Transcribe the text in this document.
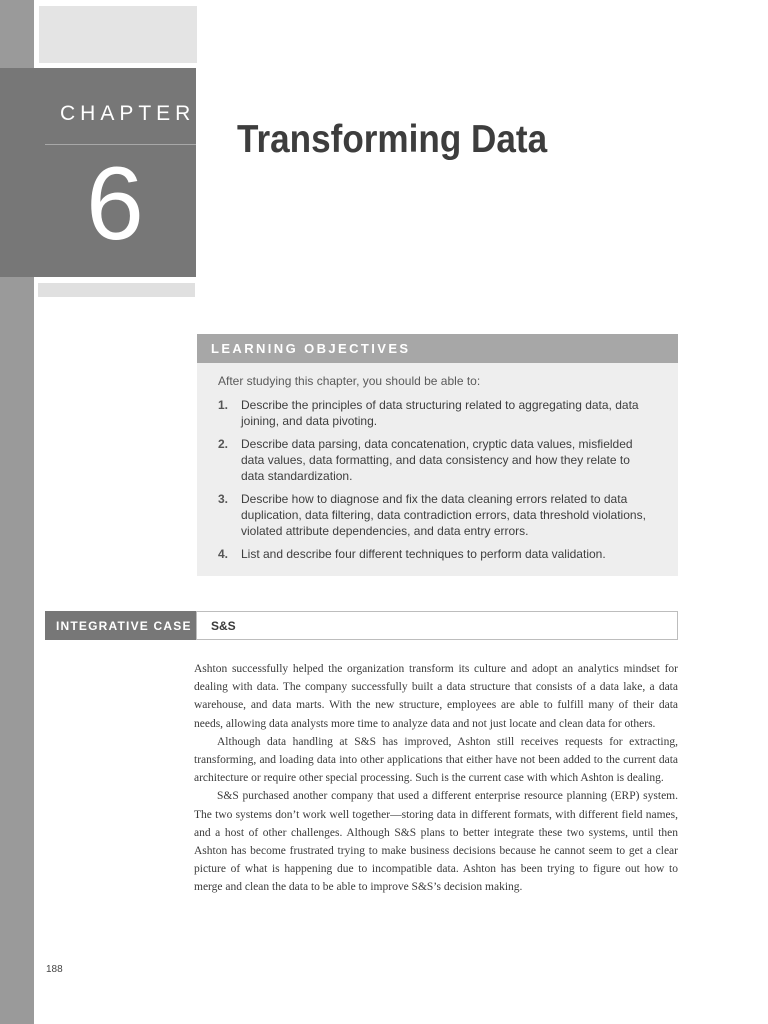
CHAPTER
6
Transforming Data
LEARNING OBJECTIVES
After studying this chapter, you should be able to:
1.	Describe the principles of data structuring related to aggregating data, data joining, and data pivoting.
2.	Describe data parsing, data concatenation, cryptic data values, misfielded data values, data formatting, and data consistency and how they relate to data standardization.
3.	Describe how to diagnose and fix the data cleaning errors related to data duplication, data filtering, data contradiction errors, data threshold violations, violated attribute dependencies, and data entry errors.
4.	List and describe four different techniques to perform data validation.
INTEGRATIVE CASE	S&S

Ashton successfully helped the organization transform its culture and adopt an analytics mindset for dealing with data. The company successfully built a data structure that consists of a data lake, a data warehouse, and data marts. With the new structure, employees are able to fulfill many of their data needs, allowing data analysts more time to analyze data and not just locate and clean data for others.

Although data handling at S&S has improved, Ashton still receives requests for extracting, transforming, and loading data into other applications that either have not been added to the current data architecture or require other special processing. Such is the current case with which Ashton is dealing.

S&S purchased another company that used a different enterprise resource planning (ERP) system. The two systems don’t work well together—storing data in different formats, with different field names, and a host of other challenges. Although S&S plans to better integrate these two systems, until then Ashton has become frustrated trying to make business decisions because he cannot seem to get a clear picture of what is happening due to incompatible data. Ashton has been trying to figure out how to merge and clean the data to be able to improve S&S’s decision making.

188
